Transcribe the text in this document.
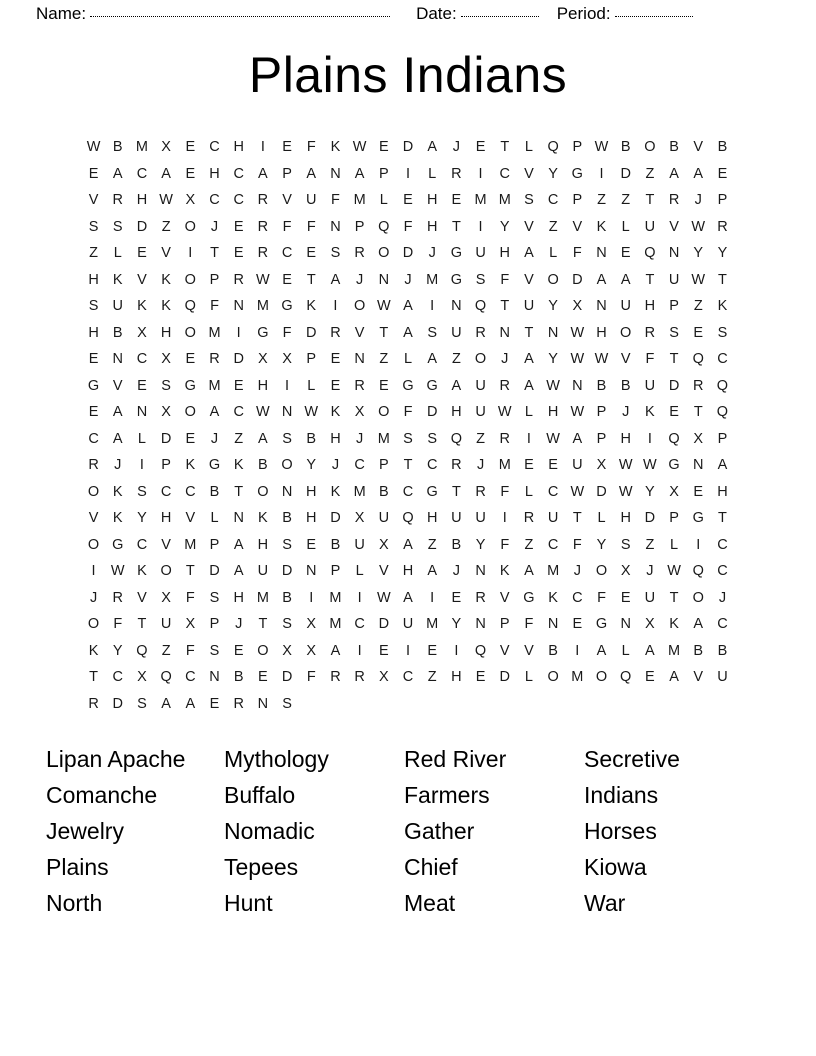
Name:	Date:	Period:
Plains Indians
W B M X	E C H	I	E	F	K W E D A	J	E	T	L	Q P W B O B	V	B
E	A C A	E H C A	P	A N A	P	I	L	R	I	C V	Y G	I	D	Z	A	A	E
V R H W X C C R V U	F M L	E H E M M S C P	Z	Z	T	R	J	P
S	S D	Z O	J	E R	F	F	N P Q F	H	T	I	Y	V	Z	V	K	L	U V W R
Z	L	E	V	I	T	E R C E	S R O D	J	G U H A	L	F	N E Q N Y	Y
H K	V	K O P R W E	T	A	J	N	J	M G S	F	V O D A	A	T	U W T
S U K	K Q F	N M G K	I	O W A	I	N Q T	U Y	X N U H P	Z	K
H B	X H O M	I	G F	D R V	T	A	S U R N	T	N W H O R S	E	S
E N C X	E R D X	X	P	E N	Z	L	A	Z O	J	A	Y W W V	F	T Q C
G V	E	S G M E H	I	L	E R E G G A U R A W N B	B U D R Q
E	A N X O A C W N W K	X O F	D H U W L	H W P	J	K	E	T Q
C A	L	D E	J	Z	A	S	B H	J	M S	S Q Z	R	I	W A	P H	I	Q X	P
R	J	I	P	K G K	B O Y	J	C P	T	C R	J	M E	E U X W W G N A
O K	S C C B	T O N H K M B C G T	R	F	L	C W D W Y	X	E H
V	K	Y H V	L	N K	B H D X U Q H U U	I	R U	T	L	H D P G T
O G C V M P	A H S	E	B U X	A	Z	B	Y	F	Z	C	F	Y	S	Z	L	I	C
I	W K O T	D A U D N P	L	V H A	J	N K	A M	J	O X	J W Q C
J	R V	X	F	S H M B	I	M	I	W A	I	E R V G K C	F	E U	T O	J
O F	T	U X	P	J	T	S	X M C D U M Y N P	F	N E G N X	K	A C
K	Y Q Z	F	S	E O X	X	A	I	E	I	E	I	Q V	V	B	I	A	L	A M B	B
T	C X Q C N B	E D	F	R R X C	Z	H E D	L	O M O Q E	A	V U
R D S	A	A	E R N S
Lipan Apache	Mythology	Red River	Secretive
Comanche	Buffalo	Farmers	Indians
Jewelry	Nomadic	Gather	Horses
Plains	Tepees	Chief	Kiowa
North	Hunt	Meat	War
